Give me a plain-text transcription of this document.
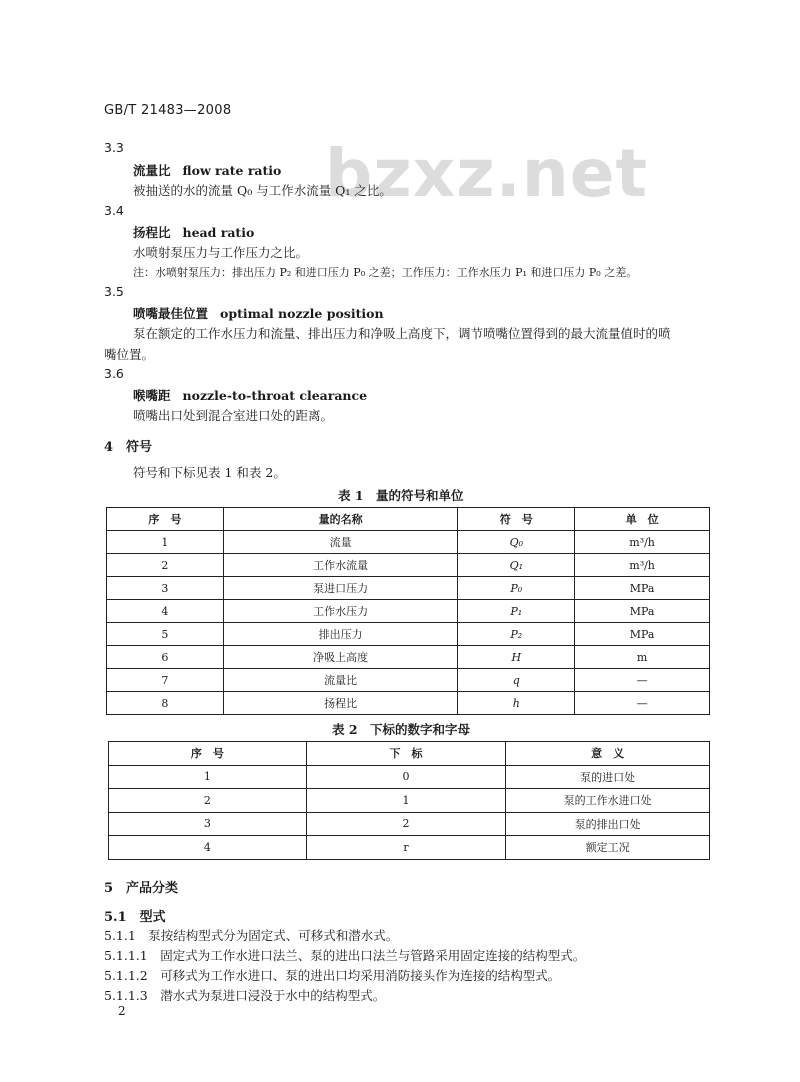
GB/T 21483—2008
bzxz.net
3.3
流量比 flow rate ratio
被抽送的水的流量 Q₀ 与工作水流量 Q₁ 之比。
3.4
扬程比 head ratio
水喷射泵压力与工作压力之比。
注：水喷射泵压力：排出压力 P₂ 和进口压力 P₀ 之差；工作压力：工作水压力 P₁ 和进口压力 P₀ 之差。
3.5
喷嘴最佳位置 optimal nozzle position
泵在额定的工作水压力和流量、排出压力和净吸上高度下，调节喷嘴位置得到的最大流量值时的喷
嘴位置。
3.6
喉嘴距 nozzle-to-throat clearance
喷嘴出口处到混合室进口处的距离。
4　符号
符号和下标见表 1 和表 2。
表 1　量的符号和单位
序　号	量的名称	符　号	单　位
1	流量	Q₀	m³/h
2	工作水流量	Q₁	m³/h
3	泵进口压力	P₀	MPa
4	工作水压力	P₁	MPa
5	排出压力	P₂	MPa
6	净吸上高度	H	m
7	流量比	q	—
8	扬程比	h	—
表 2　下标的数字和字母
序　号	下　标	意　义
1	0	泵的进口处
2	1	泵的工作水进口处
3	2	泵的排出口处
4	r	额定工况
5　产品分类
5.1　型式
5.1.1　泵按结构型式分为固定式、可移式和潜水式。
5.1.1.1　固定式为工作水进口法兰、泵的进出口法兰与管路采用固定连接的结构型式。
5.1.1.2　可移式为工作水进口、泵的进出口均采用消防接头作为连接的结构型式。
5.1.1.3　潜水式为泵进口浸没于水中的结构型式。
2
